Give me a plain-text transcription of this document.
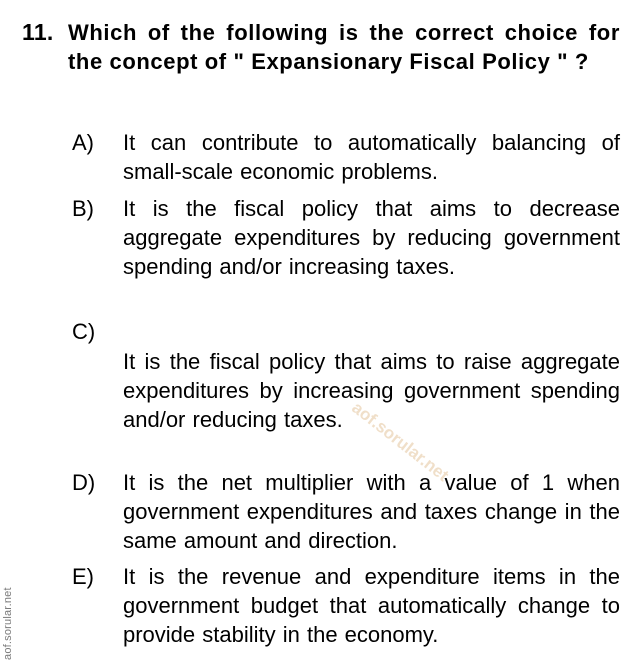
11. Which of the following is the correct choice for the concept of " Expansionary Fiscal Policy " ?
A) It can contribute to automatically balancing of small-scale economic problems.
B) It is the fiscal policy that aims to decrease aggregate expenditures by reducing government spending and/or increasing taxes.
C)
It is the fiscal policy that aims to raise aggregate expenditures by increasing government spending and/or reducing taxes.
D) It is the net multiplier with a value of 1 when government expenditures and taxes change in the same amount and direction.
E) It is the revenue and expenditure items in the government budget that automatically change to provide stability in the economy.
aof.sorular.net
aof.sorular.net
